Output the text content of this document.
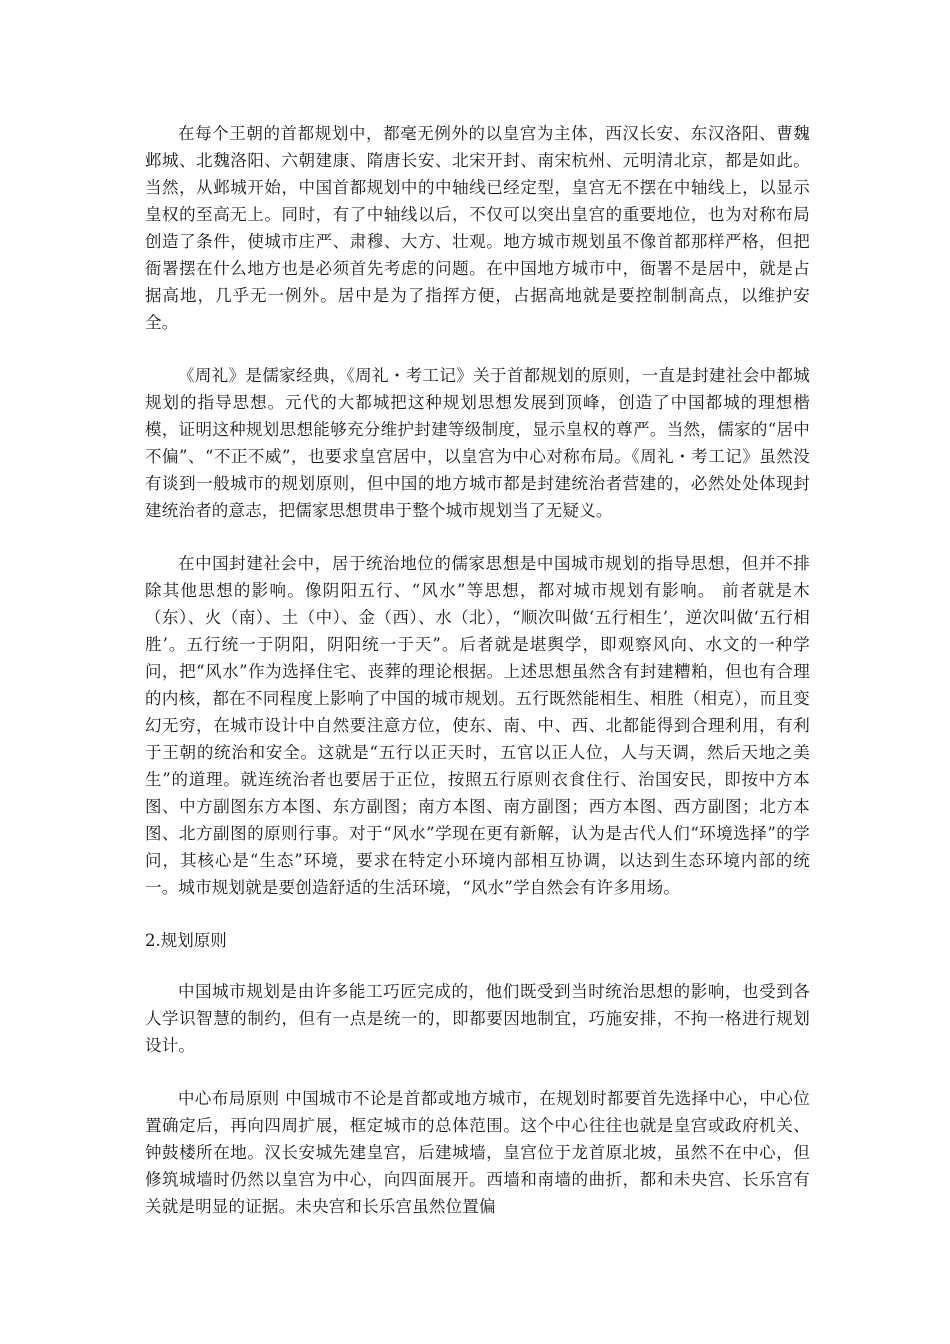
在每个王朝的首都规划中，都毫无例外的以皇宫为主体，西汉长安、东汉洛阳、曹魏邺城、北魏洛阳、六朝建康、隋唐长安、北宋开封、南宋杭州、元明清北京，都是如此。当然，从邺城开始，中国首都规划中的中轴线已经定型，皇宫无不摆在中轴线上，以显示皇权的至高无上。同时，有了中轴线以后，不仅可以突出皇宫的重要地位，也为对称布局创造了条件，使城市庄严、肃穆、大方、壮观。地方城市规划虽不像首都那样严格，但把衙署摆在什么地方也是必须首先考虑的问题。在中国地方城市中，衙署不是居中，就是占据高地，几乎无一例外。居中是为了指挥方便，占据高地就是要控制制高点，以维护安全。

《周礼》是儒家经典，《周礼・考工记》关于首都规划的原则，一直是封建社会中都城规划的指导思想。元代的大都城把这种规划思想发展到顶峰，创造了中国都城的理想楷模，证明这种规划思想能够充分维护封建等级制度，显示皇权的尊严。当然，儒家的“居中不偏”、“不正不威”，也要求皇宫居中，以皇宫为中心对称布局。《周礼・考工记》虽然没有谈到一般城市的规划原则，但中国的地方城市都是封建统治者营建的，必然处处体现封建统治者的意志，把儒家思想贯串于整个城市规划当了无疑义。

在中国封建社会中，居于统治地位的儒家思想是中国城市规划的指导思想，但并不排除其他思想的影响。像阴阳五行、“风水”等思想，都对城市规划有影响。 前者就是木（东）、火（南）、土（中）、金（西）、水（北），“顺次叫做‘五行相生’，逆次叫做‘五行相胜’。五行统一于阴阳，阴阳统一于天”。后者就是堪舆学，即观察风向、水文的一种学问，把“风水”作为选择住宅、丧葬的理论根据。上述思想虽然含有封建糟粕，但也有合理的内核，都在不同程度上影响了中国的城市规划。五行既然能相生、相胜（相克），而且变幻无穷，在城市设计中自然要注意方位，使东、南、中、西、北都能得到合理利用，有利于王朝的统治和安全。这就是“五行以正天时，五官以正人位，人与天调，然后天地之美生”的道理。就连统治者也要居于正位，按照五行原则衣食住行、治国安民，即按中方本图、中方副图东方本图、东方副图；南方本图、南方副图；西方本图、西方副图；北方本图、北方副图的原则行事。对于“风水”学现在更有新解，认为是古代人们“环境选择”的学问，其核心是“生态”环境，要求在特定小环境内部相互协调，以达到生态环境内部的统一。城市规划就是要创造舒适的生活环境，“风水”学自然会有许多用场。

2.规划原则

中国城市规划是由许多能工巧匠完成的，他们既受到当时统治思想的影响，也受到各人学识智慧的制约，但有一点是统一的，即都要因地制宜，巧施安排，不拘一格进行规划设计。

中心布局原则 中国城市不论是首都或地方城市，在规划时都要首先选择中心，中心位置确定后，再向四周扩展，框定城市的总体范围。这个中心往往也就是皇宫或政府机关、钟鼓楼所在地。汉长安城先建皇宫，后建城墙，皇宫位于龙首原北坡，虽然不在中心，但修筑城墙时仍然以皇宫为中心，向四面展开。西墙和南墙的曲折，都和未央宫、长乐宫有关就是明显的证据。未央宫和长乐宫虽然位置偏
